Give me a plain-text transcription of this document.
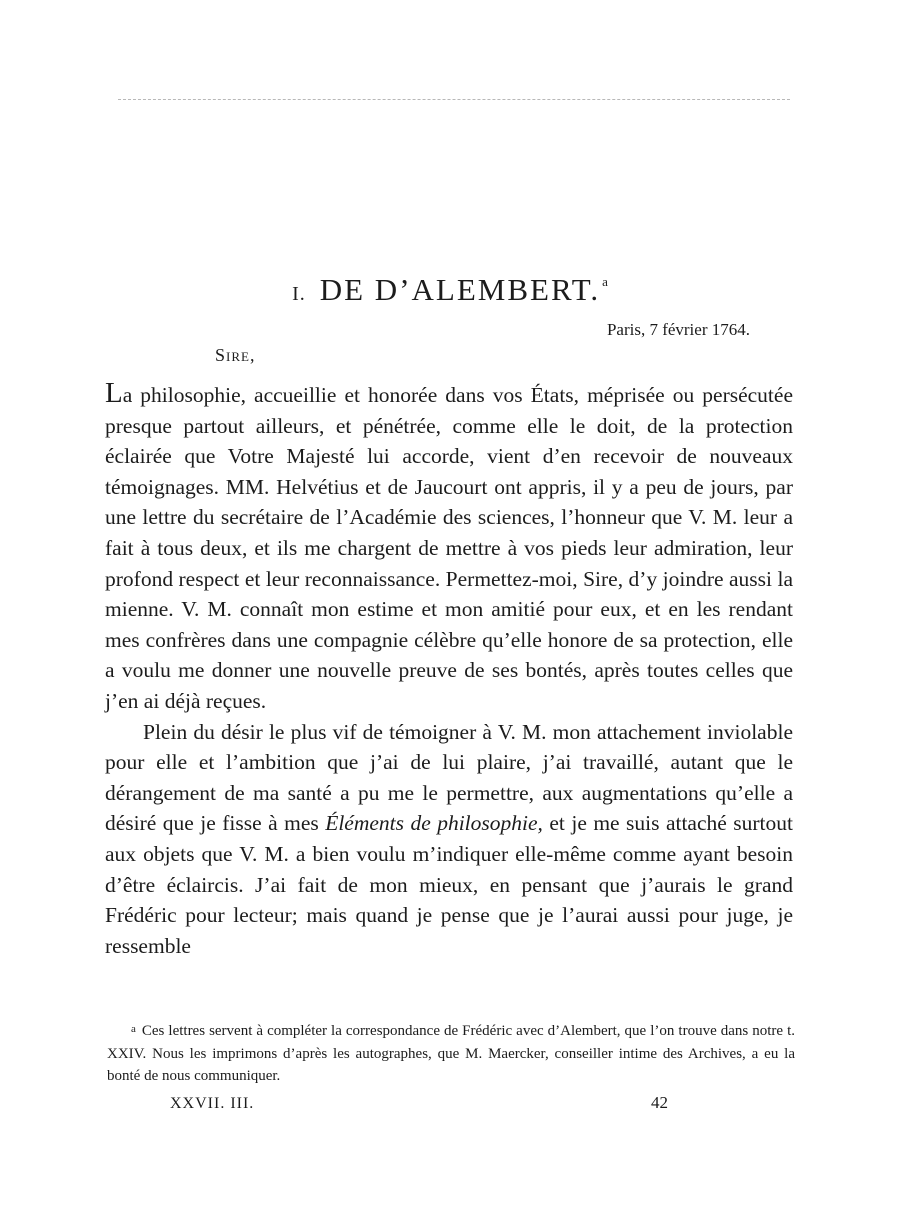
I. DE D’ALEMBERT. $^a$
Paris, 7 février 1764.
Sire,

La philosophie, accueillie et honorée dans vos États, méprisée ou persécutée presque partout ailleurs, et pénétrée, comme elle le doit, de la protection éclairée que Votre Majesté lui accorde, vient d’en recevoir de nouveaux témoignages. MM. Helvétius et de Jaucourt ont appris, il y a peu de jours, par une lettre du secrétaire de l’Académie des sciences, l’honneur que V. M. leur a fait à tous deux, et ils me chargent de mettre à vos pieds leur admiration, leur profond respect et leur reconnaissance. Permettez-moi, Sire, d’y joindre aussi la mienne. V. M. connaît mon estime et mon amitié pour eux, et en les rendant mes confrères dans une compagnie célèbre qu’elle honore de sa protection, elle a voulu me donner une nouvelle preuve de ses bontés, après toutes celles que j’en ai déjà reçues.

Plein du désir le plus vif de témoigner à V. M. mon attachement inviolable pour elle et l’ambition que j’ai de lui plaire, j’ai travaillé, autant que le dérangement de ma santé a pu me le permettre, aux augmentations qu’elle a désiré que je fisse à mes Éléments de philosophie, et je me suis attaché surtout aux objets que V. M. a bien voulu m’indiquer elle-même comme ayant besoin d’être éclaircis. J’ai fait de mon mieux, en pensant que j’aurais le grand Frédéric pour lecteur; mais quand je pense que je l’aurai aussi pour juge, je ressemble

$^a$ Ces lettres servent à compléter la correspondance de Frédéric avec d’Alembert, que l’on trouve dans notre t. XXIV. Nous les imprimons d’après les autographes, que M. Maercker, conseiller intime des Archives, a eu la bonté de nous communiquer.
XXVII. III.	42
